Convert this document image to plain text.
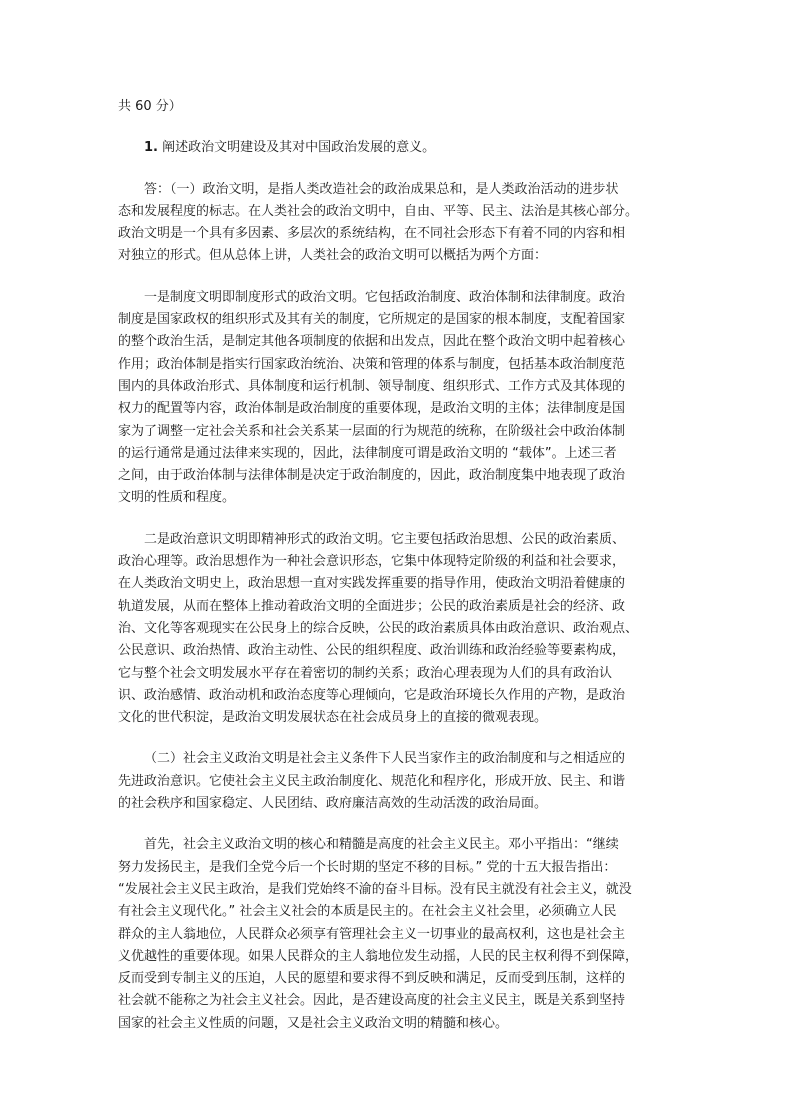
共 60 分）

1. 阐述政治文明建设及其对中国政治发展的意义。

答：（一）政治文明，是指人类改造社会的政治成果总和，是人类政治活动的进步状
态和发展程度的标志。在人类社会的政治文明中，自由、平等、民主、法治是其核心部分。
政治文明是一个具有多因素、多层次的系统结构，在不同社会形态下有着不同的内容和相
对独立的形式。但从总体上讲，人类社会的政治文明可以概括为两个方面：

一是制度文明即制度形式的政治文明。它包括政治制度、政治体制和法律制度。政治
制度是国家政权的组织形式及其有关的制度，它所规定的是国家的根本制度，支配着国家
的整个政治生活，是制定其他各项制度的依据和出发点，因此在整个政治文明中起着核心
作用；政治体制是指实行国家政治统治、决策和管理的体系与制度，包括基本政治制度范
围内的具体政治形式、具体制度和运行机制、领导制度、组织形式、工作方式及其体现的
权力的配置等内容，政治体制是政治制度的重要体现，是政治文明的主体；法律制度是国
家为了调整一定社会关系和社会关系某一层面的行为规范的统称，在阶级社会中政治体制
的运行通常是通过法律来实现的，因此，法律制度可谓是政治文明的 “载体”。上述三者
之间，由于政治体制与法律体制是决定于政治制度的，因此，政治制度集中地表现了政治
文明的性质和程度。

二是政治意识文明即精神形式的政治文明。它主要包括政治思想、公民的政治素质、
政治心理等。政治思想作为一种社会意识形态，它集中体现特定阶级的利益和社会要求，
在人类政治文明史上，政治思想一直对实践发挥重要的指导作用，使政治文明沿着健康的
轨道发展，从而在整体上推动着政治文明的全面进步；公民的政治素质是社会的经济、政
治、文化等客观现实在公民身上的综合反映，公民的政治素质具体由政治意识、政治观点、
公民意识、政治热情、政治主动性、公民的组织程度、政治训练和政治经验等要素构成，
它与整个社会文明发展水平存在着密切的制约关系；政治心理表现为人们的具有政治认
识、政治感情、政治动机和政治态度等心理倾向，它是政治环境长久作用的产物，是政治
文化的世代积淀，是政治文明发展状态在社会成员身上的直接的微观表现。

（二）社会主义政治文明是社会主义条件下人民当家作主的政治制度和与之相适应的
先进政治意识。它使社会主义民主政治制度化、规范化和程序化，形成开放、民主、和谐
的社会秩序和国家稳定、人民团结、政府廉洁高效的生动活泼的政治局面。

首先，社会主义政治文明的核心和精髓是高度的社会主义民主。邓小平指出：“继续
努力发扬民主，是我们全党今后一个长时期的坚定不移的目标。” 党的十五大报告指出：
“发展社会主义民主政治，是我们党始终不渝的奋斗目标。没有民主就没有社会主义，就没
有社会主义现代化。” 社会主义社会的本质是民主的。在社会主义社会里，必须确立人民
群众的主人翁地位，人民群众必须享有管理社会主义一切事业的最高权利，这也是社会主
义优越性的重要体现。如果人民群众的主人翁地位发生动摇，人民的民主权利得不到保障，
反而受到专制主义的压迫，人民的愿望和要求得不到反映和满足，反而受到压制，这样的
社会就不能称之为社会主义社会。因此，是否建设高度的社会主义民主，既是关系到坚持
国家的社会主义性质的问题，又是社会主义政治文明的精髓和核心。
